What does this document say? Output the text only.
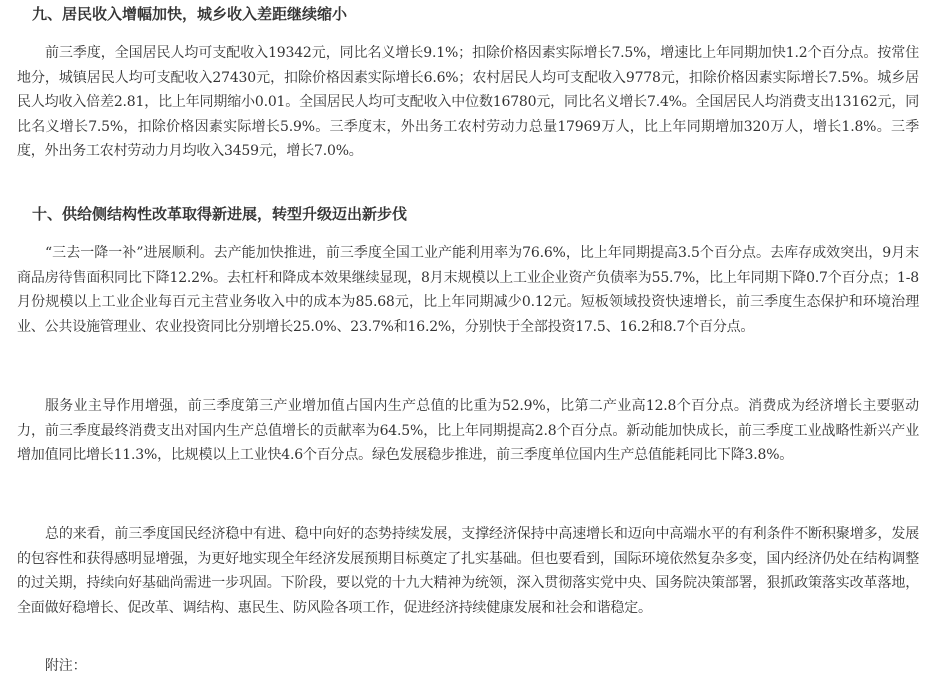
九、居民收入增幅加快，城乡收入差距继续缩小

前三季度，全国居民人均可支配收入19342元，同比名义增长9.1%；扣除价格因素实际增长7.5%，增速比上年同期加快1.2个百分点。按常住地分，城镇居民人均可支配收入27430元，扣除价格因素实际增长6.6%；农村居民人均可支配收入9778元，扣除价格因素实际增长7.5%。城乡居民人均收入倍差2.81，比上年同期缩小0.01。全国居民人均可支配收入中位数16780元，同比名义增长7.4%。全国居民人均消费支出13162元，同比名义增长7.5%，扣除价格因素实际增长5.9%。三季度末，外出务工农村劳动力总量17969万人，比上年同期增加320万人，增长1.8%。三季度，外出务工农村劳动力月均收入3459元，增长7.0%。

十、供给侧结构性改革取得新进展，转型升级迈出新步伐

“三去一降一补”进展顺利。去产能加快推进，前三季度全国工业产能利用率为76.6%，比上年同期提高3.5个百分点。去库存成效突出，9月末商品房待售面积同比下降12.2%。去杠杆和降成本效果继续显现，8月末规模以上工业企业资产负债率为55.7%，比上年同期下降0.7个百分点；1-8月份规模以上工业企业每百元主营业务收入中的成本为85.68元，比上年同期减少0.12元。短板领域投资快速增长，前三季度生态保护和环境治理业、公共设施管理业、农业投资同比分别增长25.0%、23.7%和16.2%，分别快于全部投资17.5、16.2和8.7个百分点。

服务业主导作用增强，前三季度第三产业增加值占国内生产总值的比重为52.9%，比第二产业高12.8个百分点。消费成为经济增长主要驱动力，前三季度最终消费支出对国内生产总值增长的贡献率为64.5%，比上年同期提高2.8个百分点。新动能加快成长，前三季度工业战略性新兴产业增加值同比增长11.3%，比规模以上工业快4.6个百分点。绿色发展稳步推进，前三季度单位国内生产总值能耗同比下降3.8%。

总的来看，前三季度国民经济稳中有进、稳中向好的态势持续发展，支撑经济保持中高速增长和迈向中高端水平的有利条件不断积聚增多，发展的包容性和获得感明显增强，为更好地实现全年经济发展预期目标奠定了扎实基础。但也要看到，国际环境依然复杂多变，国内经济仍处在结构调整的过关期，持续向好基础尚需进一步巩固。下阶段，要以党的十九大精神为统领，深入贯彻落实党中央、国务院决策部署，狠抓政策落实改革落地，全面做好稳增长、促改革、调结构、惠民生、防风险各项工作，促进经济持续健康发展和社会和谐稳定。

附注：
